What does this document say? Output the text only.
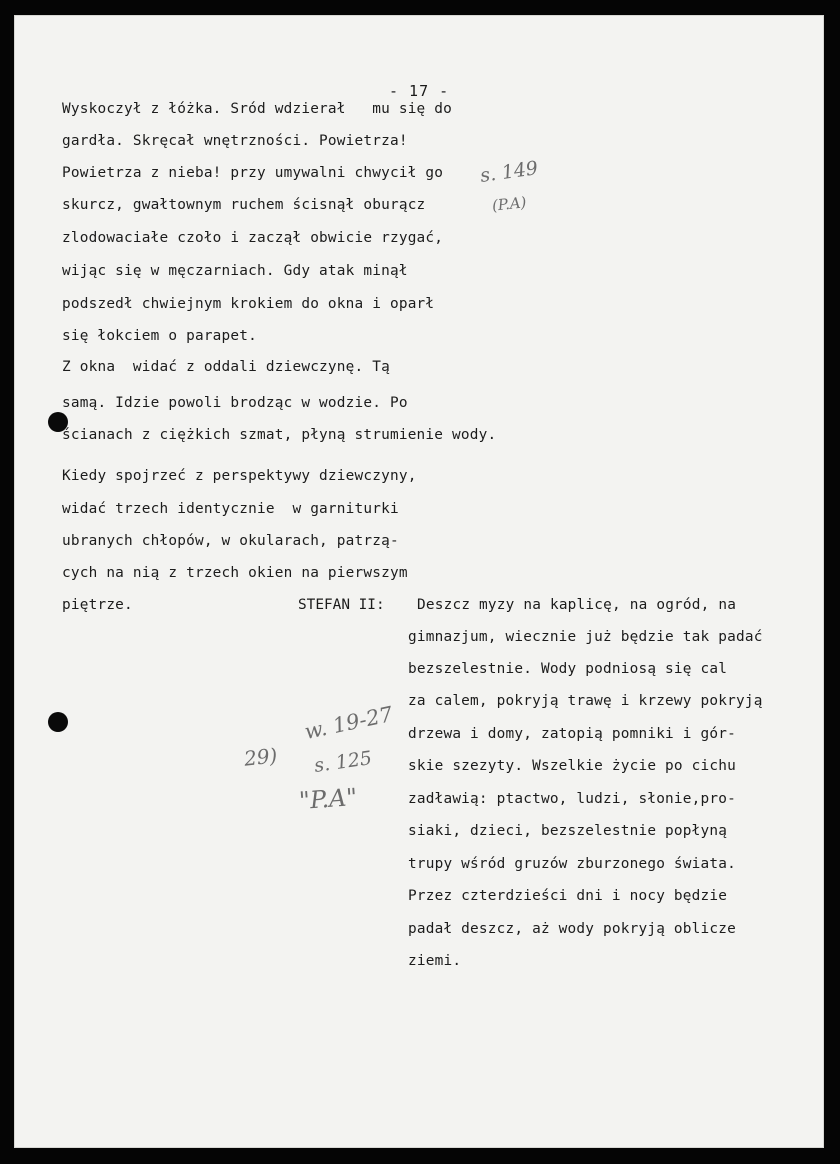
- 17 -
Wyskoczył z łóżka. Sród wdzierał   mu się do
gardła. Skręcał wnętrzności. Powietrza!
Powietrza z nieba! przy umywalni chwycił go
skurcz, gwałtownym ruchem ścisnął oburącz
zlodowaciałe czoło i zaczął obwicie rzygać,
wijąc się w męczarniach. Gdy atak minął
podszedł chwiejnym krokiem do okna i oparł
się łokciem o parapet.
Z okna  widać z oddali dziewczynę. Tą
samą. Idzie powoli brodząc w wodzie. Po
ścianach z ciężkich szmat, płyną strumienie wody.
Kiedy spojrzeć z perspektywy dziewczyny,
widać trzech identycznie  w garniturki
ubranych chłopów, w okularach, patrzą-
cych na nią z trzech okien na pierwszym
piętrze.	STEFAN II: Deszcz myzy na kaplicę, na ogród, na
gimnazjum, wiecznie już będzie tak padać
bezszelestnie. Wody podniosą się cal
za calem, pokryją trawę i krzewy pokryją
drzewa i domy, zatopią pomniki i gór-
skie szezyty. Wszelkie życie po cichu
zadławią: ptactwo, ludzi, słonie,pro-
siaki, dzieci, bezszelestnie popłyną
trupy wśród gruzów zburzonego świata.
Przez czterdzieści dni i nocy będzie
padał deszcz, aż wody pokryją oblicze
ziemi.
s. 149
(P.A)
29)
w. 19-27
s. 125
"P.A"
